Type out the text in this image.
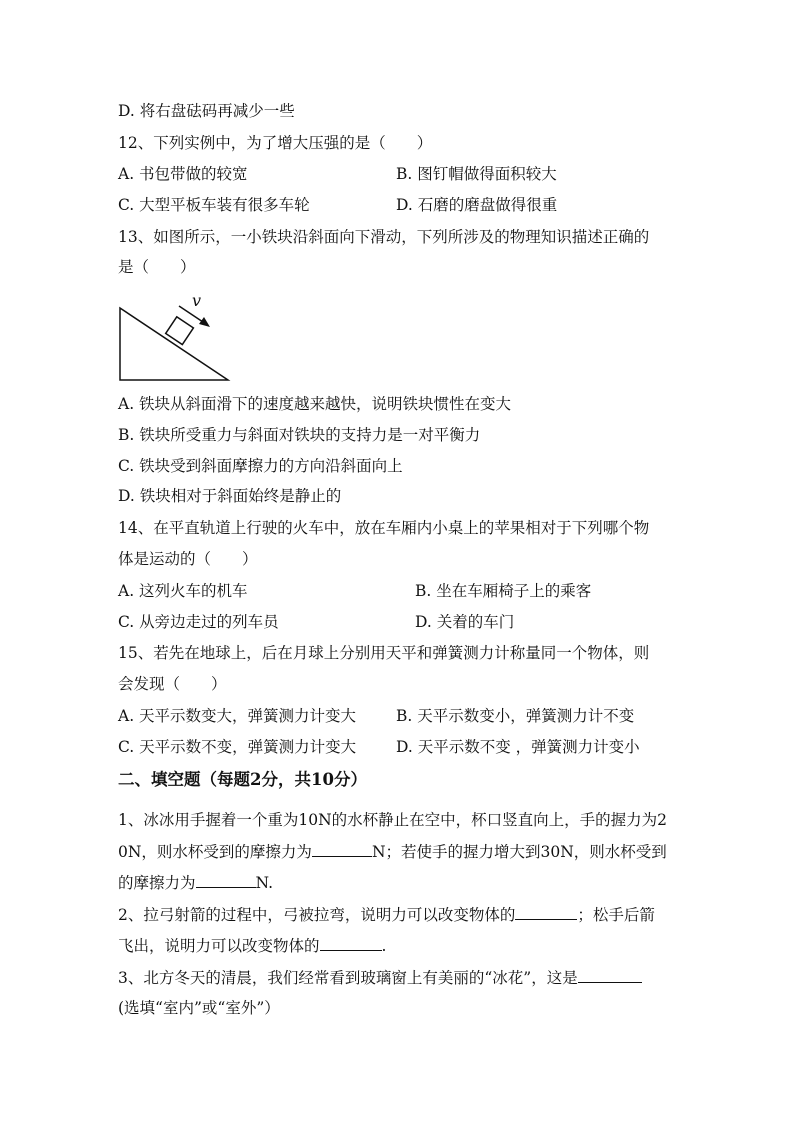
D. 将右盘砝码再减少一些
12、下列实例中，为了增大压强的是（　　）
A. 书包带做的较宽	B. 图钉帽做得面积较大
C. 大型平板车装有很多车轮	D. 石磨的磨盘做得很重
13、如图所示，一小铁块沿斜面向下滑动，下列所涉及的物理知识描述正确的
是（　　）
v
A. 铁块从斜面滑下的速度越来越快，说明铁块惯性在变大
B. 铁块所受重力与斜面对铁块的支持力是一对平衡力
C. 铁块受到斜面摩擦力的方向沿斜面向上
D. 铁块相对于斜面始终是静止的
14、在平直轨道上行驶的火车中，放在车厢内小桌上的苹果相对于下列哪个物
体是运动的（　　）
A. 这列火车的机车	B. 坐在车厢椅子上的乘客
C. 从旁边走过的列车员	D. 关着的车门
15、若先在地球上，后在月球上分别用天平和弹簧测力计称量同一个物体，则
会发现（　　）
A. 天平示数变大，弹簧测力计变大	B. 天平示数变小，弹簧测力计不变
C. 天平示数不变，弹簧测力计变大	D. 天平示数不变 ，弹簧测力计变小
二、填空题（每题2分，共10分）
1、冰冰用手握着一个重为10N的水杯静止在空中，杯口竖直向上，手的握力为2
0N，则水杯受到的摩擦力为	N；若使手的握力增大到30N，则水杯受到
的摩擦力为	N.
2、拉弓射箭的过程中，弓被拉弯，说明力可以改变物体的	；松手后箭
飞出，说明力可以改变物体的	.
3、北方冬天的清晨，我们经常看到玻璃窗上有美丽的“冰花”，这是
(选填“室内”或“室外”）
